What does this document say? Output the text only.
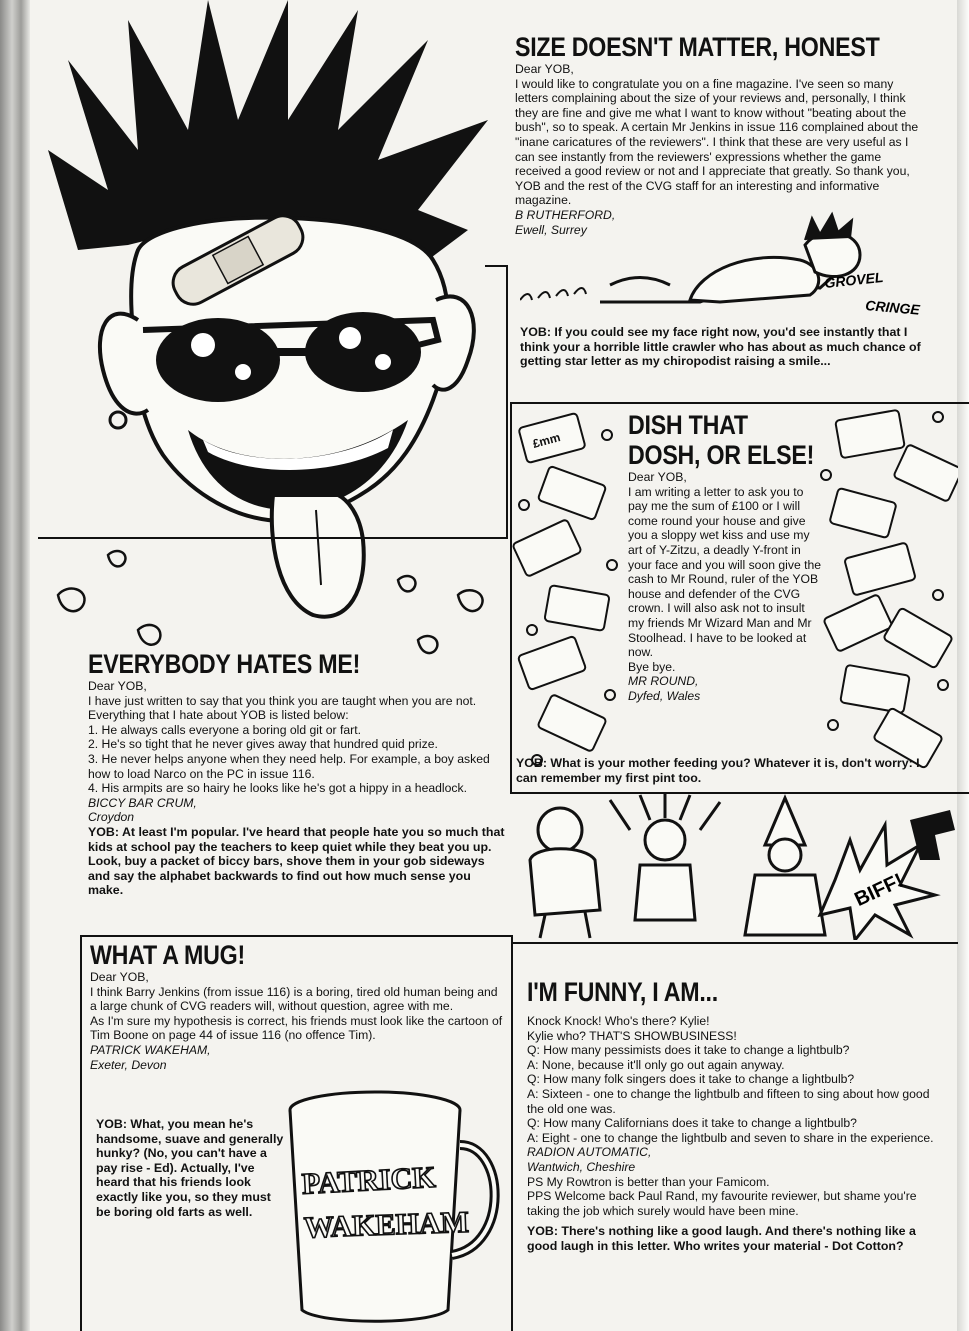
SIZE DOESN'T MATTER, HONEST

Dear YOB,

I would like to congratulate you on a fine magazine. I've seen so many letters complaining about the size of your reviews and, personally, I think they are fine and give me what I want to know without "beating about the bush", so to speak. A certain Mr Jenkins in issue 116 complained about the "inane caricatures of the reviewers". I think that these are very useful as I can see instantly from the reviewers' expressions whether the game received a good review or not and I appreciate that greatly. So thank you, YOB and the rest of the CVG staff for an interesting and informative magazine.

B RUTHERFORD,

Ewell, Surrey

GROVEL
CRINGE
YOB: If you could see my face right now, you'd see instantly that I think your a horrible little crawler who has about as much chance of getting star letter as my chiropodist raising a smile...
£mm
DISH THAT
DOSH, OR ELSE!

Dear YOB,

I am writing a letter to ask you to pay me the sum of £100 or I will come round your house and give you a sloppy wet kiss and use my art of Y-Zitzu, a deadly Y-front in your face and you will soon give the cash to Mr Round, ruler of the YOB house and defender of the CVG crown. I will also ask not to insult my friends Mr Wizard Man and Mr Stoolhead. I have to be looked at now.

Bye bye.

MR ROUND,

Dyfed, Wales

YOB: What is your mother feeding you? Whatever it is, don't worry: I can remember my first pint too.
BIFF!
EVERYBODY HATES ME!

Dear YOB,

I have just written to say that you think you are taught when you are not. Everything that I hate about YOB is listed below:

1. He always calls everyone a boring old git or fart.

2. He's so tight that he never gives away that hundred quid prize.

3. He never helps anyone when they need help. For example, a boy asked how to load Narco on the PC in issue 116.

4. His armpits are so hairy he looks like he's got a hippy in a headlock.

BICCY BAR CRUM,

Croydon

YOB: At least I'm popular. I've heard that people hate you so much that kids at school pay the teachers to keep quiet while they beat you up. Look, buy a packet of biccy bars, shove them in your gob sideways and say the alphabet backwards to find out how much sense you make.

WHAT A MUG!

Dear YOB,

I think Barry Jenkins (from issue 116) is a boring, tired old human being and a large chunk of CVG readers will, without question, agree with me.

As I'm sure my hypothesis is correct, his friends must look like the cartoon of Tim Boone on page 44 of issue 116 (no offence Tim).

PATRICK WAKEHAM,

Exeter, Devon

YOB: What, you mean he's handsome, suave and generally hunky? (No, you can't have a pay rise - Ed). Actually, I've heard that his friends look exactly like you, so they must be boring old farts as well.
PATRICK
WAKEHAM
I'M FUNNY, I AM...

Knock Knock! Who's there? Kylie!

Kylie who? THAT'S SHOWBUSINESS!

Q: How many pessimists does it take to change a lightbulb?

A: None, because it'll only go out again anyway.

Q: How many folk singers does it take to change a lightbulb?

A: Sixteen - one to change the lightbulb and fifteen to sing about how good the old one was.

Q: How many Californians does it take to change a lightbulb?

A: Eight - one to change the lightbulb and seven to share in the experience.

RADION AUTOMATIC,

Wantwich, Cheshire

PS My Rowtron is better than your Famicom.

PPS Welcome back Paul Rand, my favourite reviewer, but shame you're taking the job which surely would have been mine.

YOB: There's nothing like a good laugh. And there's nothing like a good laugh in this letter. Who writes your material - Dot Cotton?
